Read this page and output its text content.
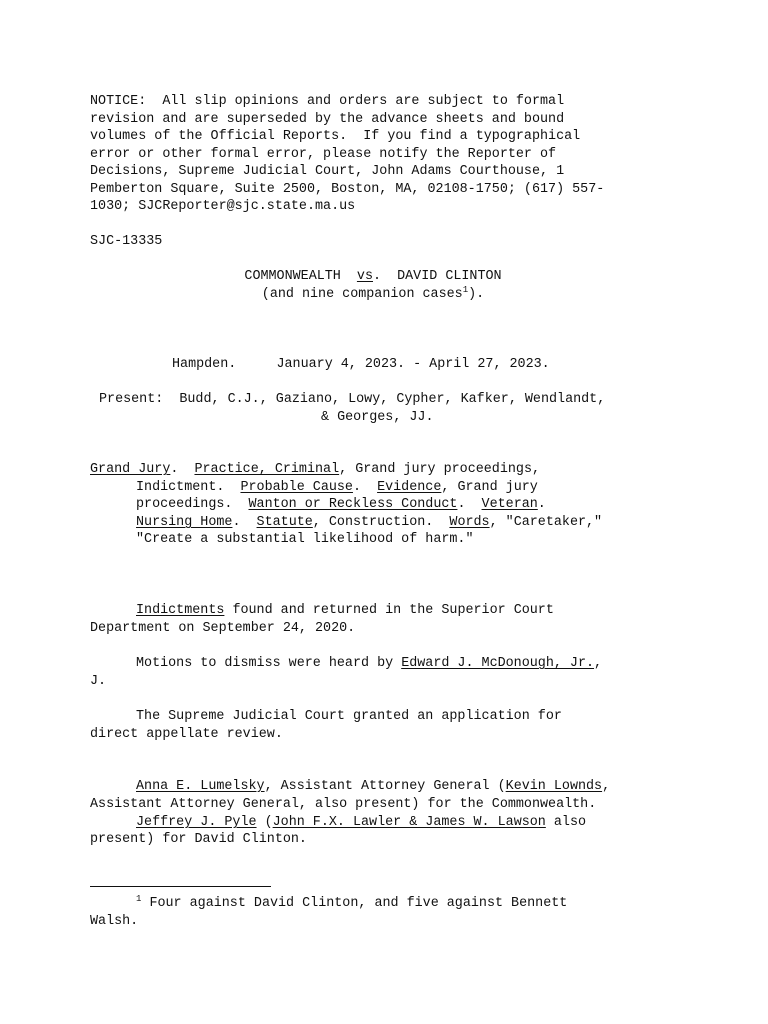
NOTICE:  All slip opinions and orders are subject to formal
revision and are superseded by the advance sheets and bound
volumes of the Official Reports.  If you find a typographical
error or other formal error, please notify the Reporter of
Decisions, Supreme Judicial Court, John Adams Courthouse, 1
Pemberton Square, Suite 2500, Boston, MA, 02108-1750; (617) 557-
1030; SJCReporter@sjc.state.ma.us
SJC-13335
COMMONWEALTH vs.  DAVID CLINTON
(and nine companion cases$^1$).
Hampden.	January 4, 2023. - April 27, 2023.
Present:  Budd, C.J., Gaziano, Lowy, Cypher, Kafker, Wendlandt,
& Georges, JJ.
Grand Jury.  Practice, Criminal, Grand jury proceedings,
Indictment.  Probable Cause.  Evidence, Grand jury
proceedings.  Wanton or Reckless Conduct.  Veteran.
Nursing Home.  Statute, Construction.  Words, "Caretaker,"
"Create a substantial likelihood of harm."
Indictments found and returned in the Superior Court
Department on September 24, 2020.
Motions to dismiss were heard by Edward J. McDonough, Jr.,
J.
The Supreme Judicial Court granted an application for
direct appellate review.
Anna E. Lumelsky, Assistant Attorney General (Kevin Lownds,
Assistant Attorney General, also present) for the Commonwealth.
Jeffrey J. Pyle (John F.X. Lawler & James W. Lawson also
present) for David Clinton.
$^1$ Four against David Clinton, and five against Bennett
Walsh.
